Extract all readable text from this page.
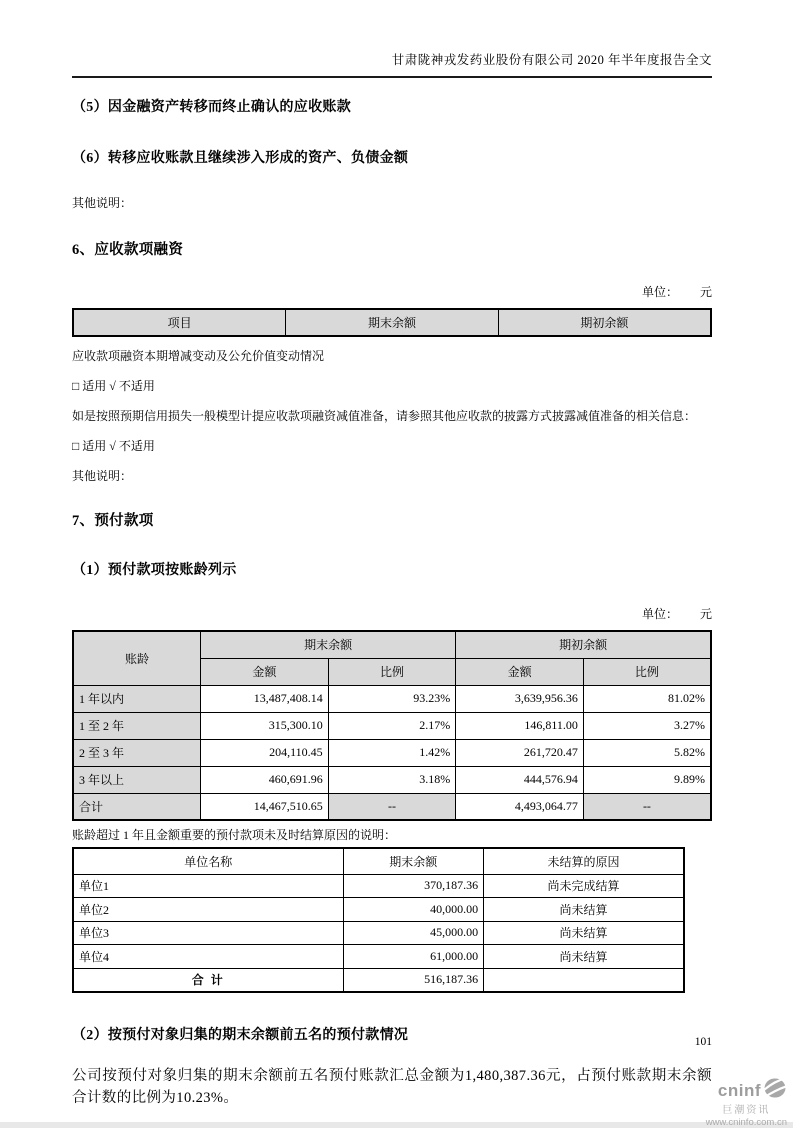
甘肃陇神戎发药业股份有限公司 2020 年半年度报告全文
（5）因金融资产转移而终止确认的应收账款
（6）转移应收账款且继续涉入形成的资产、负债金额
其他说明：
6、应收款项融资
单位： 元
项目	期末余额	期初余额
应收款项融资本期增减变动及公允价值变动情况
□ 适用 √ 不适用
如是按照预期信用损失一般模型计提应收款项融资减值准备，请参照其他应收款的披露方式披露减值准备的相关信息：
□ 适用 √ 不适用
其他说明：
7、预付款项
（1）预付款项按账龄列示
单位： 元
账龄	期末余额		期初余额	
	金额	比例	金额	比例
1 年以内	13,487,408.14	93.23%	3,639,956.36	81.02%
1 至 2 年	315,300.10	2.17%	146,811.00	3.27%
2 至 3 年	204,110.45	1.42%	261,720.47	5.82%
3 年以上	460,691.96	3.18%	444,576.94	9.89%
合计	14,467,510.65	--	4,493,064.77	--
账龄超过 1 年且金额重要的预付款项未及时结算原因的说明：
单位名称	期末余额	未结算的原因
单位1	370,187.36	尚未完成结算
单位2	40,000.00	尚未结算
单位3	45,000.00	尚未结算
单位4	61,000.00	尚未结算
合 计	516,187.36	
（2）按预付对象归集的期末余额前五名的预付款情况
公司按预付对象归集的期末余额前五名预付账款汇总金额为1,480,387.36元，占预付账款期末余额合计数的比例为10.23%。
101
cninf
巨潮资讯
www.cninfo.com.cn
